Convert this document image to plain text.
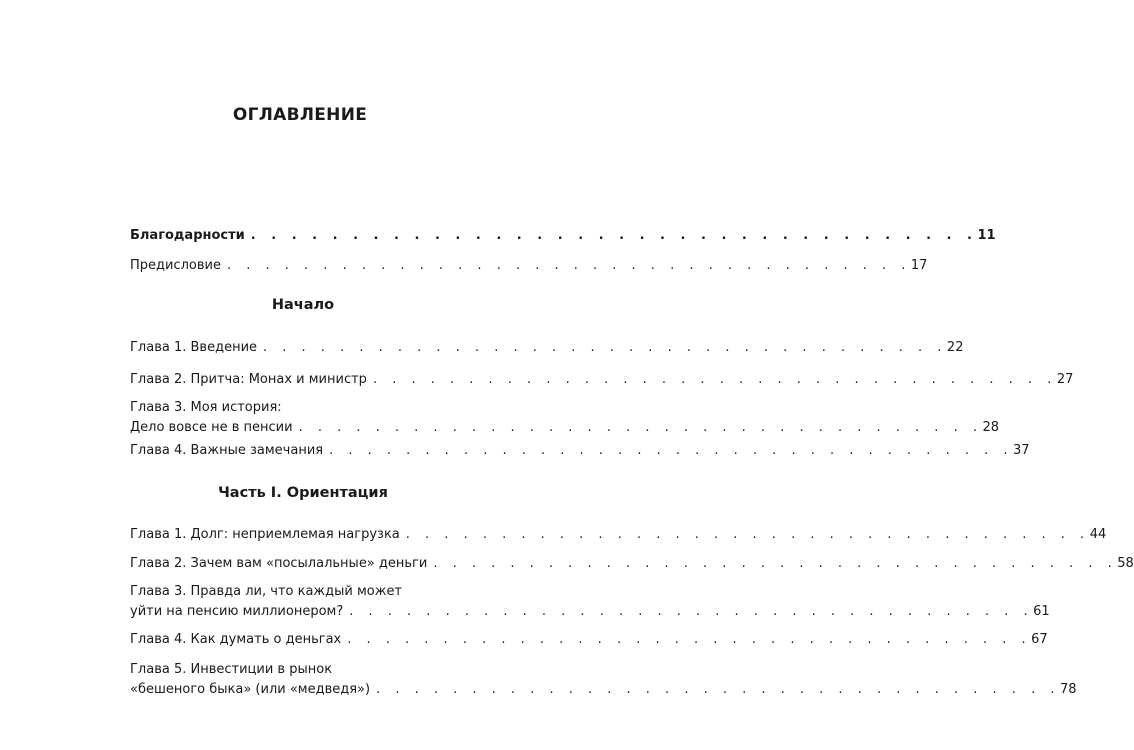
ОГЛАВЛЕНИЕ
Благодарности . . . . . . . . . . . . . . . . . . . . . . . . . . . . . . . . . . . . 11
Предисловие . . . . . . . . . . . . . . . . . . . . . . . . . . . . . . . . . . . . 17
Начало
Глава 1. Введение . . . . . . . . . . . . . . . . . . . . . . . . . . . . . . . . . . . . 22
Глава 2. Притча: Монах и министр . . . . . . . . . . . . . . . . . . . . . . . . . . . . . . . . . . . . 27
Глава 3. Моя история:
Дело вовсе не в пенсии . . . . . . . . . . . . . . . . . . . . . . . . . . . . . . . . . . . . 28
Глава 4. Важные замечания . . . . . . . . . . . . . . . . . . . . . . . . . . . . . . . . . . . . 37
Часть I. Ориентация
Глава 1. Долг: неприемлемая нагрузка . . . . . . . . . . . . . . . . . . . . . . . . . . . . . . . . . . . . 44
Глава 2. Зачем вам «посылальные» деньги . . . . . . . . . . . . . . . . . . . . . . . . . . . . . . . . . . . . 58
Глава 3. Правда ли, что каждый может
уйти на пенсию миллионером? . . . . . . . . . . . . . . . . . . . . . . . . . . . . . . . . . . . . 61
Глава 4. Как думать о деньгах . . . . . . . . . . . . . . . . . . . . . . . . . . . . . . . . . . . . 67
Глава 5. Инвестиции в рынок
«бешеного быка» (или «медведя») . . . . . . . . . . . . . . . . . . . . . . . . . . . . . . . . . . . . 78
